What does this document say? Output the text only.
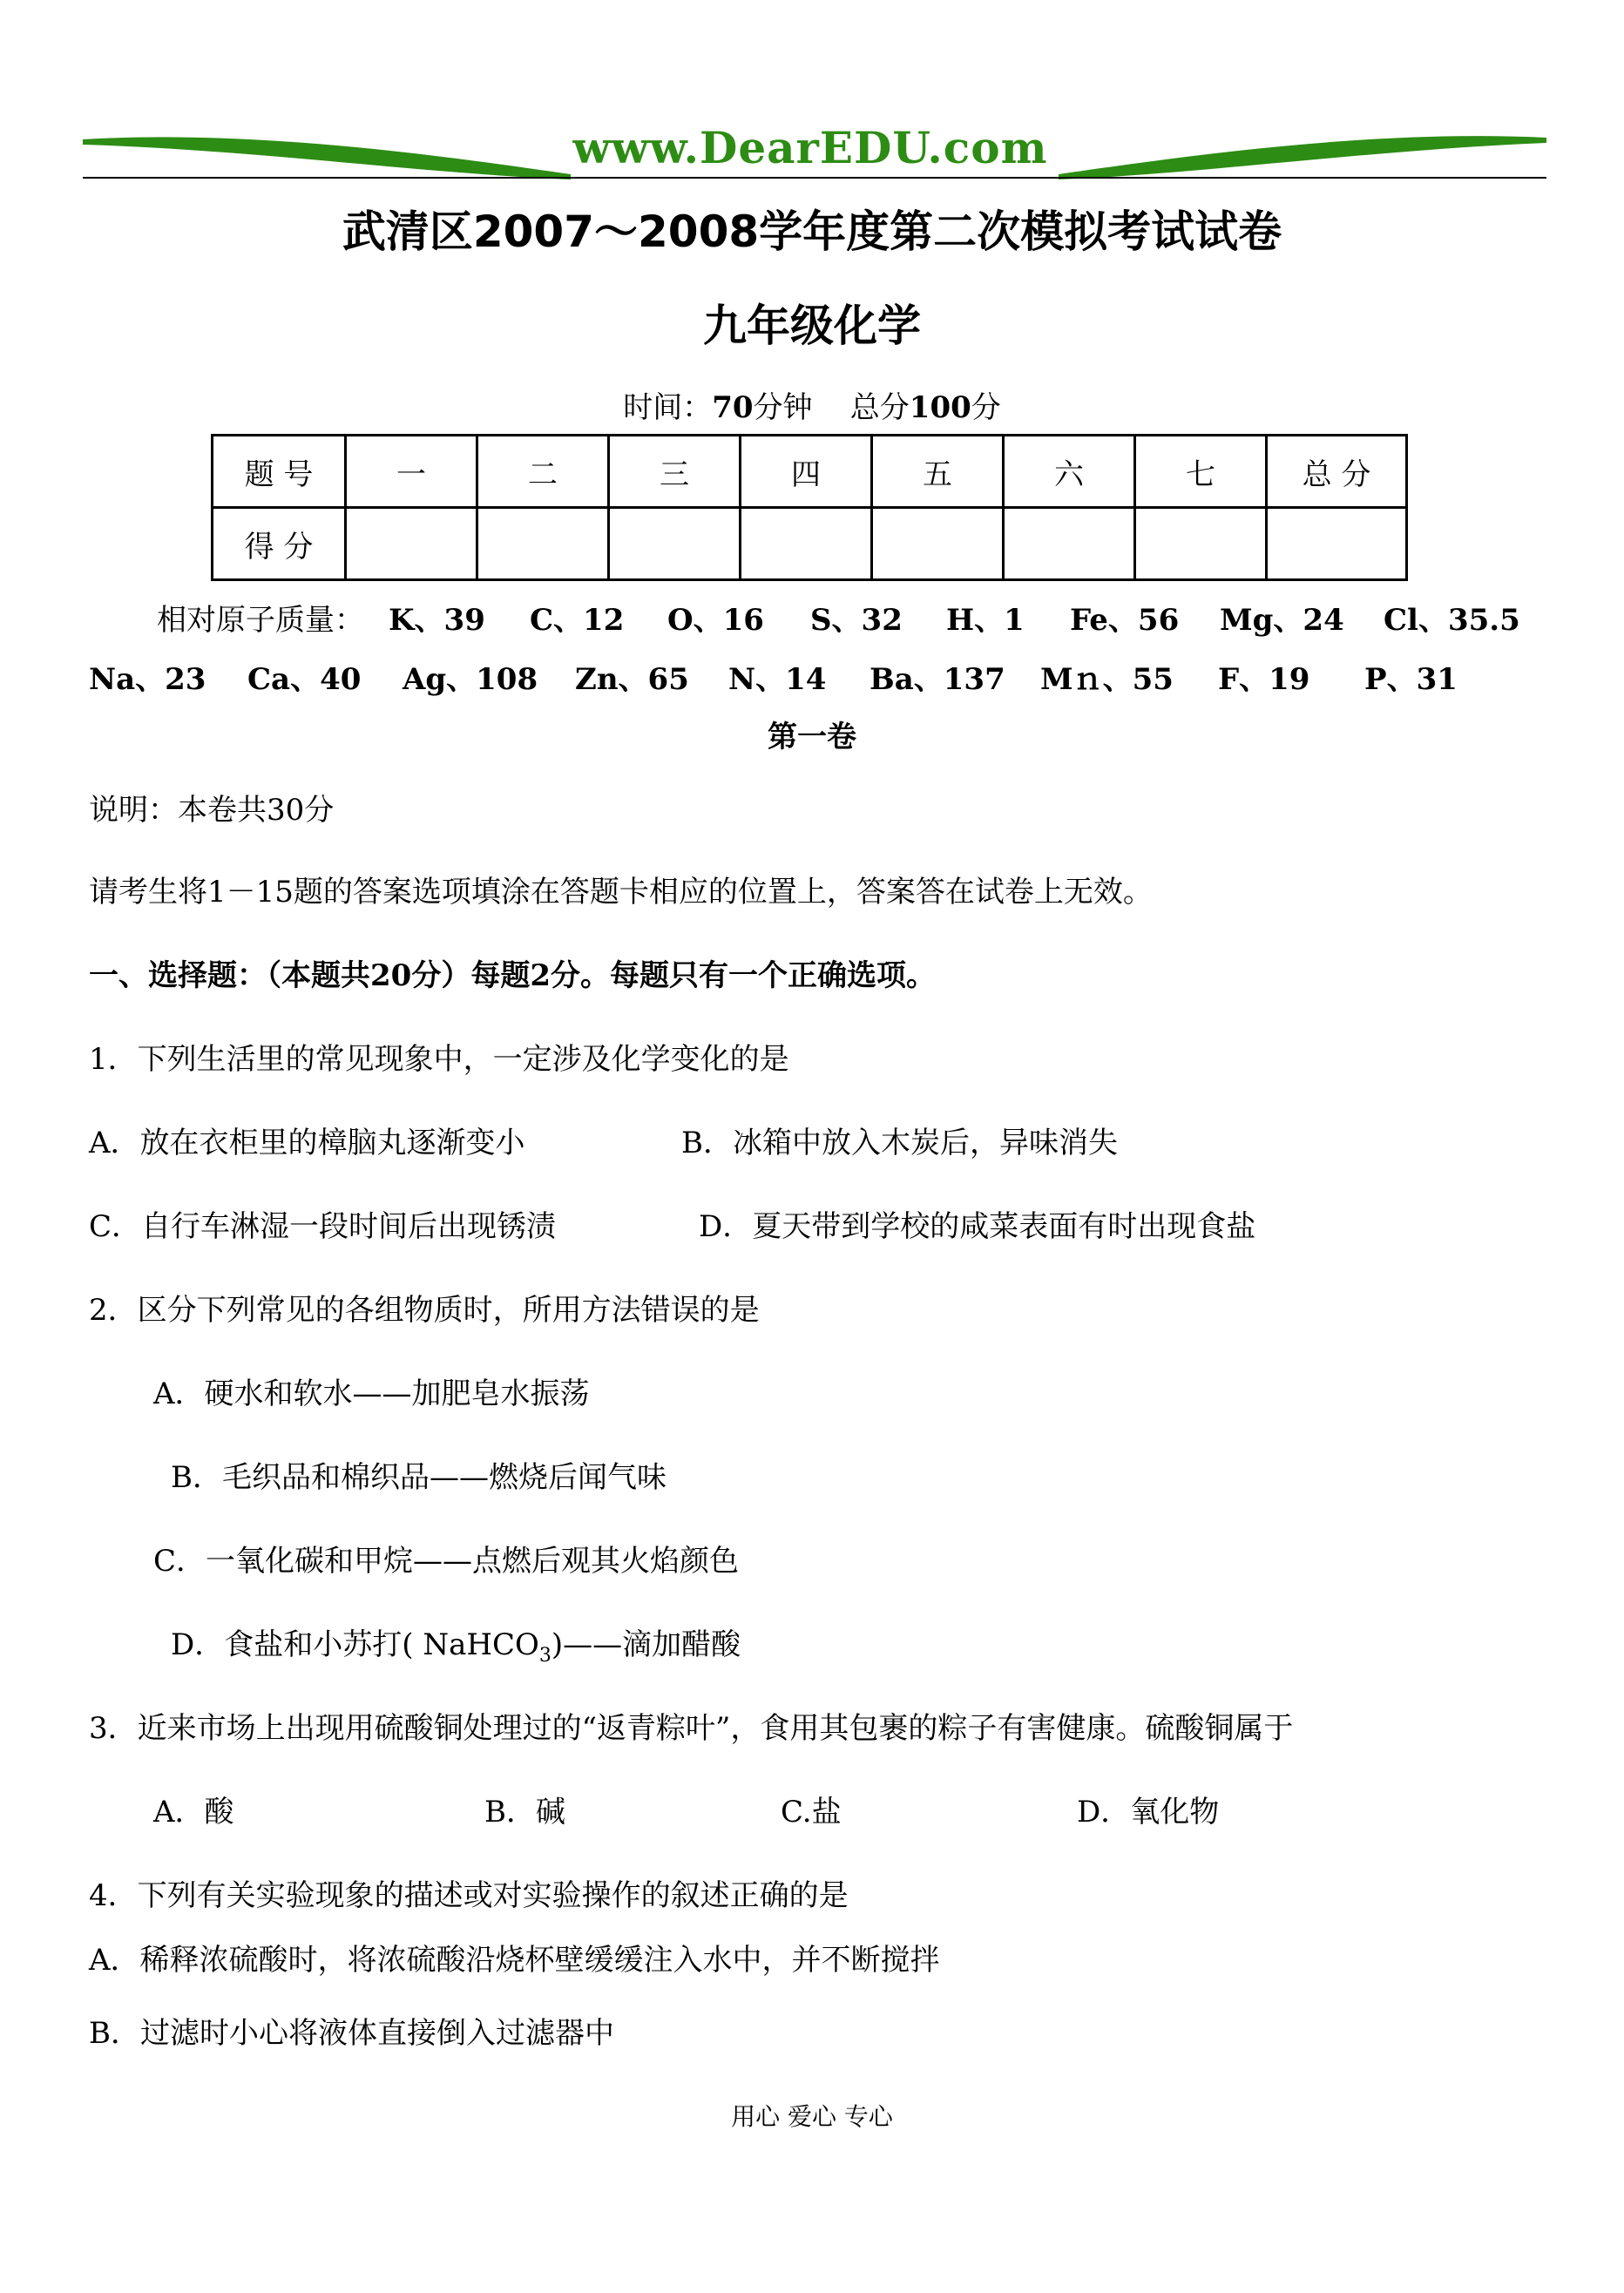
www.DearEDU.com
武清区2007～2008学年度第二次模拟考试试卷
九年级化学
时间：70分钟 总分100分
题 号	一	二	三	四	五	六	七	总 分
得 分								
相对原子质量： K、39 C、12 O、16 S、32 H、1 Fe、56 Mg、24 Cl、35.5
Na、23 Ca、40 Ag、108 Zn、65 N、14 Ba、137 Mｎ、55 F、19 P、31
第一卷
说明：本卷共30分
请考生将1－15题的答案选项填涂在答题卡相应的位置上，答案答在试卷上无效。
一、选择题：（本题共20分）每题2分。每题只有一个正确选项。
1．下列生活里的常见现象中，一定涉及化学变化的是
A．放在衣柜里的樟脑丸逐渐变小	B．冰箱中放入木炭后，异味消失
C．自行车淋湿一段时间后出现锈渍	D．夏天带到学校的咸菜表面有时出现食盐
2．区分下列常见的各组物质时，所用方法错误的是
A．硬水和软水——加肥皂水振荡
B．毛织品和棉织品——燃烧后闻气味
C．一氧化碳和甲烷——点燃后观其火焰颜色
D．食盐和小苏打( NaHCO$_3$)——滴加醋酸
3．近来市场上出现用硫酸铜处理过的“返青粽叶”，食用其包裹的粽子有害健康。硫酸铜属于
A．酸	B．碱	C.盐	D．氧化物
4．下列有关实验现象的描述或对实验操作的叙述正确的是
A．稀释浓硫酸时，将浓硫酸沿烧杯壁缓缓注入水中，并不断搅拌
B．过滤时小心将液体直接倒入过滤器中
用心 爱心 专心
